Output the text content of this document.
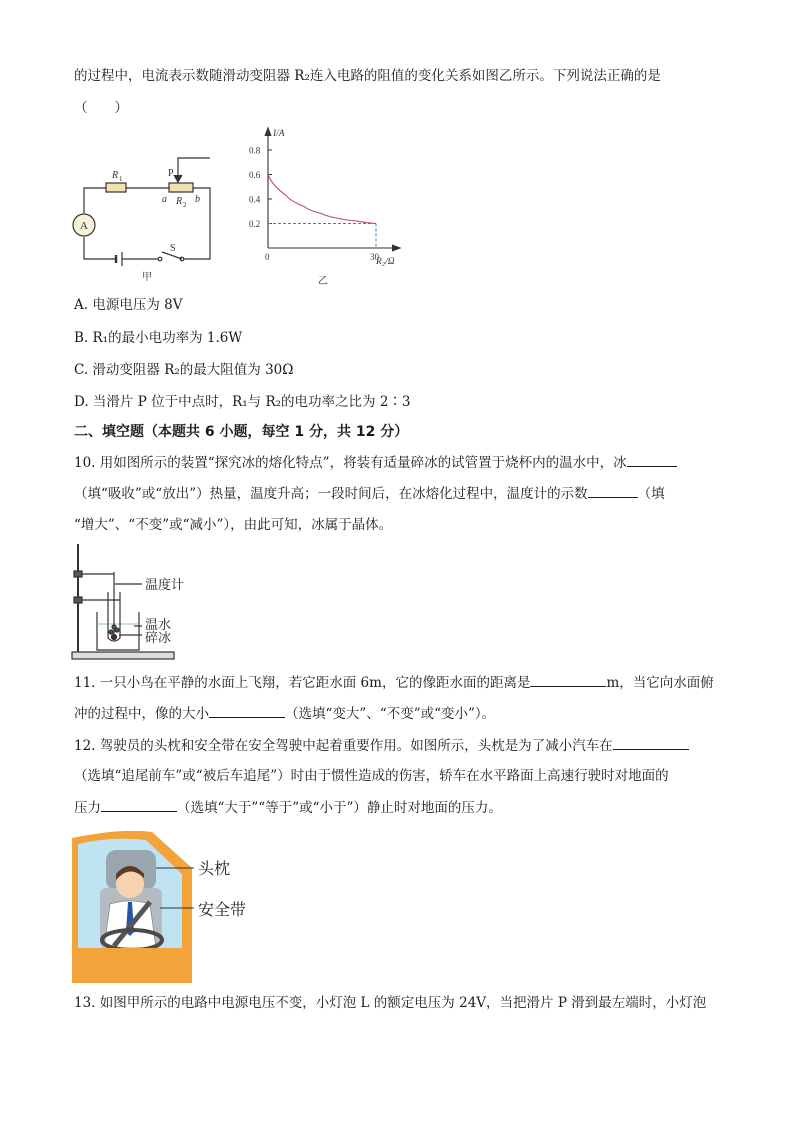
的过程中，电流表示数随滑动变阻器 R₂连入电路的阻值的变化关系如图乙所示。下列说法正确的是
（　　）
A
R 1	P
a R 2 b
S
甲
0.8
0.6
0.4
0.2
0	30
I/A
R₂/Ω
乙
A. 电源电压为 8V
B. R₁的最小电功率为 1.6W
C. 滑动变阻器 R₂的最大阻值为 30Ω
D. 当滑片 P 位于中点时，R₁与 R₂的电功率之比为 2∶3
二、填空题（本题共 6 小题，每空 1 分，共 12 分）
10. 用如图所示的装置“探究冰的熔化特点”，将装有适量碎冰的试管置于烧杯内的温水中，冰
（填“吸收”或“放出”）热量，温度升高；一段时间后，在冰熔化过程中，温度计的示数	（填
“增大”、“不变”或“减小”），由此可知，冰属于晶体。
温度计
温水
碎冰
11. 一只小鸟在平静的水面上飞翔，若它距水面 6m，它的像距水面的距离是	m，当它向水面俯
冲的过程中，像的大小	（选填“变大”、“不变”或“变小”）。
12. 驾驶员的头枕和安全带在安全驾驶中起着重要作用。如图所示，头枕是为了减小汽车在
（选填“追尾前车”或“被后车追尾”）时由于惯性造成的伤害，轿车在水平路面上高速行驶时对地面的
压力	（选填“大于”“等于”或“小于”）静止时对地面的压力。
头枕
安全带
13. 如图甲所示的电路中电源电压不变，小灯泡 L 的额定电压为 24V，当把滑片 P 滑到最左端时，小灯泡
